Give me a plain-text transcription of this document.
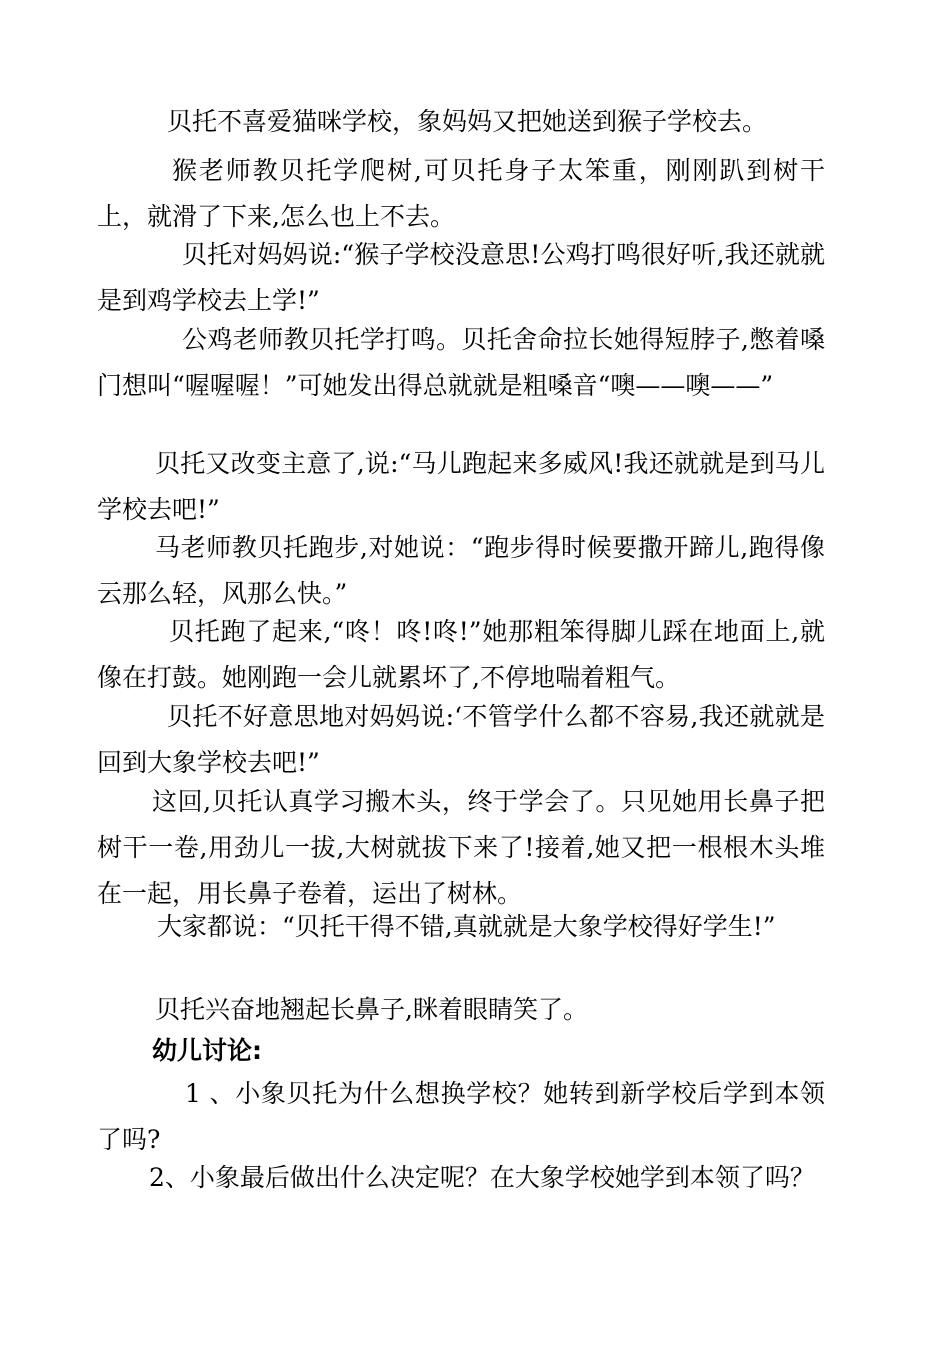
贝托不喜爱猫咪学校，象妈妈又把她送到猴子学校去。

猴老师教贝托学爬树,可贝托身子太笨重，刚刚趴到树干上，就滑了下来,怎么也上不去。

贝托对妈妈说:“猴子学校没意思!公鸡打鸣很好听,我还就就是到鸡学校去上学!”

公鸡老师教贝托学打鸣。贝托舍命拉长她得短脖子,憋着嗓门想叫“喔喔喔！”可她发出得总就就是粗嗓音“噢——噢——”

贝托又改变主意了,说:“马儿跑起来多威风!我还就就是到马儿学校去吧!”

马老师教贝托跑步,对她说：“跑步得时候要撒开蹄儿,跑得像云那么轻，风那么快。”

贝托跑了起来,“咚！咚!咚!”她那粗笨得脚儿踩在地面上,就像在打鼓。她刚跑一会儿就累坏了,不停地喘着粗气。

贝托不好意思地对妈妈说:‘不管学什么都不容易,我还就就是回到大象学校去吧!”

这回,贝托认真学习搬木头，终于学会了。只见她用长鼻子把树干一卷,用劲儿一拔,大树就拔下来了!接着,她又把一根根木头堆在一起，用长鼻子卷着，运出了树林。

大家都说：“贝托干得不错,真就就是大象学校得好学生!”

贝托兴奋地翘起长鼻子,眯着眼睛笑了。

幼儿讨论:

1 、小象贝托为什么想换学校？她转到新学校后学到本领了吗?

2、小象最后做出什么决定呢？在大象学校她学到本领了吗？
